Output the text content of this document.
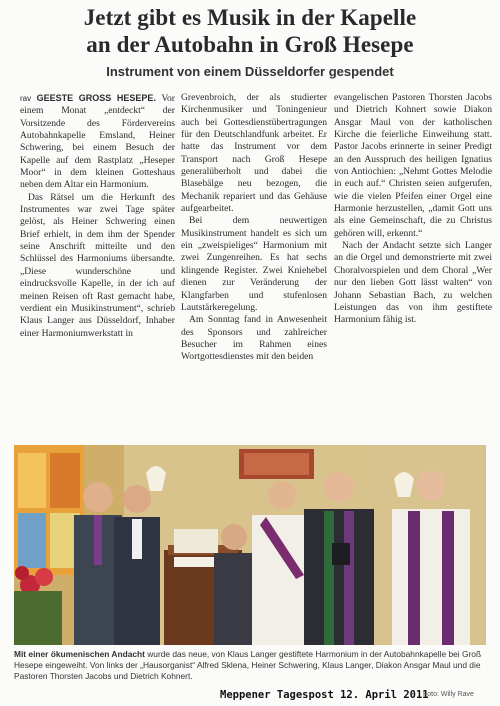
Jetzt gibt es Musik in der Kapelle
an der Autobahn in Groß Hesepe
Instrument von einem Düsseldorfer gespendet

rav GEESTE GROSS HESEPE. Vor einem Monat „entdeckt“ der Vorsitzende des Fördervereins Autobahnkapelle Emsland, Heiner Schwering, bei einem Besuch der Kapelle auf dem Rastplatz „Heseper Moor“ in dem kleinen Gotteshaus neben dem Altar ein Harmonium.

Das Rätsel um die Herkunft des Instrumentes war zwei Tage später gelöst, als Heiner Schwering einen Brief erhielt, in dem ihm der Spender seine Anschrift mitteilte und den Schlüssel des Harmoniums übersandte. „Diese wunderschöne und eindrucksvolle Kapelle, in der ich auf meinen Reisen oft Rast gemacht habe, verdient ein Musikinstrument“, schrieb Klaus Langer aus Düsseldorf, Inhaber einer Harmoniumwerkstatt in

Grevenbroich, der als studierter Kirchenmusiker und Toningenieur auch bei Gottesdienstübertragungen für den Deutschlandfunk arbeitet. Er hatte das Instrument vor dem Transport nach Groß Hesepe generalüberholt und dabei die Blasebälge neu bezogen, die Mechanik repariert und das Gehäuse aufgearbeitet.

Bei dem neuwertigen Musikinstrument handelt es sich um ein „zweispieliges“ Harmonium mit zwei Zungenreihen. Es hat sechs klingende Register. Zwei Kniehebel dienen zur Veränderung der Klangfarben und stufenlosen Lautstärkeregelung.

Am Sonntag fand in Anwesenheit des Sponsors und zahlreicher Besucher im Rahmen eines Wortgottesdienstes mit den beiden

evangelischen Pastoren Thorsten Jacobs und Dietrich Kohnert sowie Diakon Ansgar Maul von der katholischen Kirche die feierliche Einweihung statt. Pastor Jacobs erinnerte in seiner Predigt an den Ausspruch des heiligen Ignatius von Antiochien: „Nehmt Gottes Melodie in euch auf.“ Christen seien aufgerufen, wie die vielen Pfeifen einer Orgel eine Harmonie herzustellen, „damit Gott uns als eine Gemeinschaft, die zu Christus gehören will, erkennt.“

Nach der Andacht setzte sich Langer an die Orgel und demonstrierte mit zwei Choralvorspielen und dem Choral „Wer nur den lieben Gott lässt walten“ von Johann Sebastian Bach, zu welchen Leistungen das von ihm gestiftete Harmonium fähig ist.

Mit einer ökumenischen Andacht wurde das neue, von Klaus Langer gestiftete Harmonium in der Autobahnkapelle bei Groß Hesepe eingeweiht. Von links der „Hausorganist“ Alfred Sklena, Heiner Schwering, Klaus Langer, Diakon Ansgar Maul und die Pastoren Thorsten Jacobs und Dietrich Kohnert.
Meppener Tagespost 12. April 2011
Foto: Willy Rave
